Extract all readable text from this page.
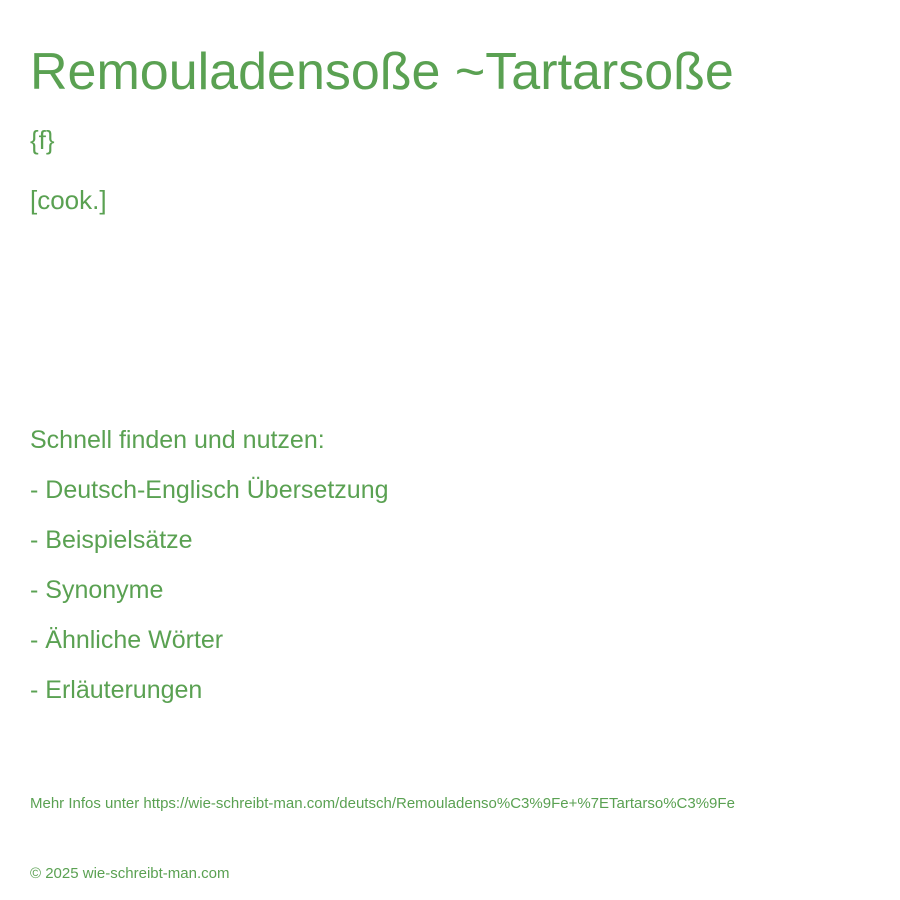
Remouladensoße ~Tartarsoße
{f}
[cook.]
Schnell finden und nutzen:
- Deutsch-Englisch Übersetzung
- Beispielsätze
- Synonyme
- Ähnliche Wörter
- Erläuterungen
Mehr Infos unter https://wie-schreibt-man.com/deutsch/Remouladenso%C3%9Fe+%7ETartarso%C3%9Fe
© 2025 wie-schreibt-man.com
